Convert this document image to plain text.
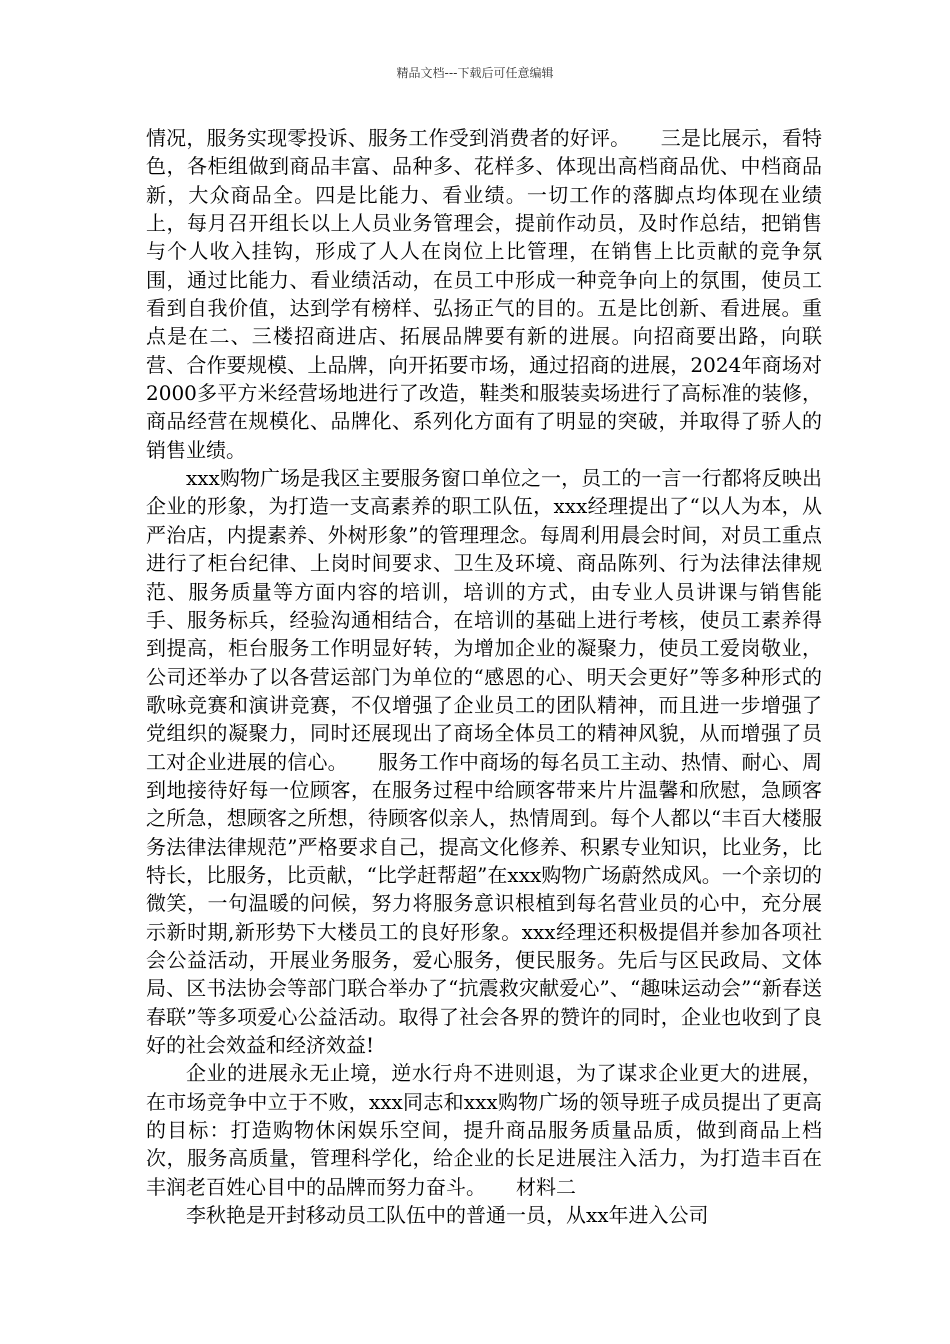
精品文档---下载后可任意编辑

情况，服务实现零投诉、服务工作受到消费者的好评。　　三是比展示，看特色，各柜组做到商品丰富、品种多、花样多、体现出高档商品优、中档商品新，大众商品全。四是比能力、看业绩。一切工作的落脚点均体现在业绩上，每月召开组长以上人员业务管理会，提前作动员，及时作总结，把销售与个人收入挂钩，形成了人人在岗位上比管理，在销售上比贡献的竞争氛围，通过比能力、看业绩活动，在员工中形成一种竞争向上的氛围，使员工看到自我价值，达到学有榜样、弘扬正气的目的。五是比创新、看进展。重点是在二、三楼招商进店、拓展品牌要有新的进展。向招商要出路，向联营、合作要规模、上品牌，向开拓要市场，通过招商的进展，2024年商场对2000多平方米经营场地进行了改造，鞋类和服装卖场进行了高标准的装修，商品经营在规模化、品牌化、系列化方面有了明显的突破，并取得了骄人的销售业绩。

xxx购物广场是我区主要服务窗口单位之一，员工的一言一行都将反映出企业的形象，为打造一支高素养的职工队伍，xxx经理提出了“以人为本，从严治店，内提素养、外树形象”的管理理念。每周利用晨会时间，对员工重点进行了柜台纪律、上岗时间要求、卫生及环境、商品陈列、行为法律法律规范、服务质量等方面内容的培训，培训的方式，由专业人员讲课与销售能手、服务标兵，经验沟通相结合，在培训的基础上进行考核，使员工素养得到提高，柜台服务工作明显好转，为增加企业的凝聚力，使员工爱岗敬业，公司还举办了以各营运部门为单位的“感恩的心、明天会更好”等多种形式的歌咏竞赛和演讲竞赛，不仅增强了企业员工的团队精神，而且进一步增强了党组织的凝聚力，同时还展现出了商场全体员工的精神风貌，从而增强了员工对企业进展的信心。　　服务工作中商场的每名员工主动、热情、耐心、周到地接待好每一位顾客，在服务过程中给顾客带来片片温馨和欣慰，急顾客之所急，想顾客之所想，待顾客似亲人，热情周到。每个人都以“丰百大楼服务法律法律规范”严格要求自己，提高文化修养、积累专业知识，比业务，比特长，比服务，比贡献，“比学赶帮超”在xxx购物广场蔚然成风。一个亲切的微笑，一句温暖的问候，努力将服务意识根植到每名营业员的心中，充分展示新时期,新形势下大楼员工的良好形象。xxx经理还积极提倡并参加各项社会公益活动，开展业务服务，爱心服务，便民服务。先后与区民政局、文体局、区书法协会等部门联合举办了“抗震救灾献爱心”、“趣味运动会”“新春送春联”等多项爱心公益活动。取得了社会各界的赞许的同时，企业也收到了良好的社会效益和经济效益!

企业的进展永无止境，逆水行舟不进则退，为了谋求企业更大的进展，在市场竞争中立于不败，xxx同志和xxx购物广场的领导班子成员提出了更高的目标：打造购物休闲娱乐空间，提升商品服务质量品质，做到商品上档次，服务高质量，管理科学化，给企业的长足进展注入活力，为打造丰百在丰润老百姓心目中的品牌而努力奋斗。　　材料二

李秋艳是开封移动员工队伍中的普通一员，从xx年进入公司
